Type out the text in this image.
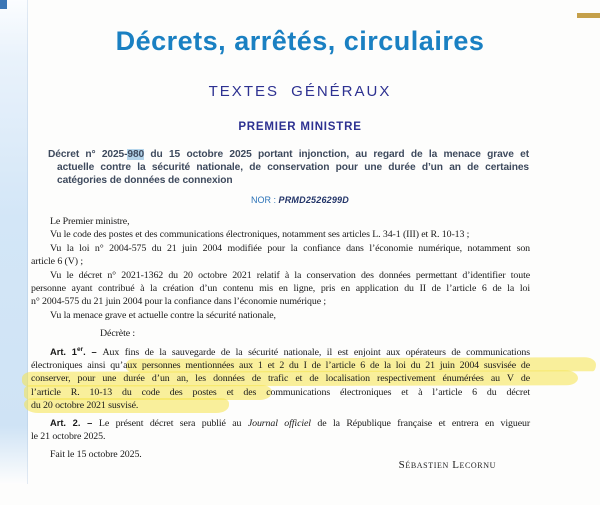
Décrets, arrêtés, circulaires
TEXTES GÉNÉRAUX
PREMIER MINISTRE
Décret n° 2025-980 du 15 octobre 2025 portant injonction, au regard de la menace grave et
actuelle contre la sécurité nationale, de conservation pour une durée d’un an de certaines
catégories de données de connexion
NOR : PRMD2526299D
Le Premier ministre,
Vu le code des postes et des communications électroniques, notamment ses articles L. 34-1 (III) et R. 10-13 ;
Vu la loi n° 2004-575 du 21 juin 2004 modifiée pour la confiance dans l’économie numérique, notamment son
article 6 (V) ;
Vu le décret n° 2021-1362 du 20 octobre 2021 relatif à la conservation des données permettant d’identifier toute
personne ayant contribué à la création d’un contenu mis en ligne, pris en application du II de l’article 6 de la loi
n° 2004-575 du 21 juin 2004 pour la confiance dans l’économie numérique ;
Vu la menace grave et actuelle contre la sécurité nationale,
Décrète :
Art. 1er. – Aux fins de la sauvegarde de la sécurité nationale, il est enjoint aux opérateurs de communications
électroniques ainsi qu’aux personnes mentionnées aux 1 et 2 du I de l’article 6 de la loi du 21 juin 2004 susvisée de
conserver, pour une durée d’un an, les données de trafic et de localisation respectivement énumérées au V de
l’article R. 10-13 du code des postes et des communications électroniques et à l’article 6 du décret
du 20 octobre 2021 susvisé.
Art. 2. – Le présent décret sera publié au Journal officiel de la République française et entrera en vigueur
le 21 octobre 2025.
Fait le 15 octobre 2025.
Sébastien Lecornu
